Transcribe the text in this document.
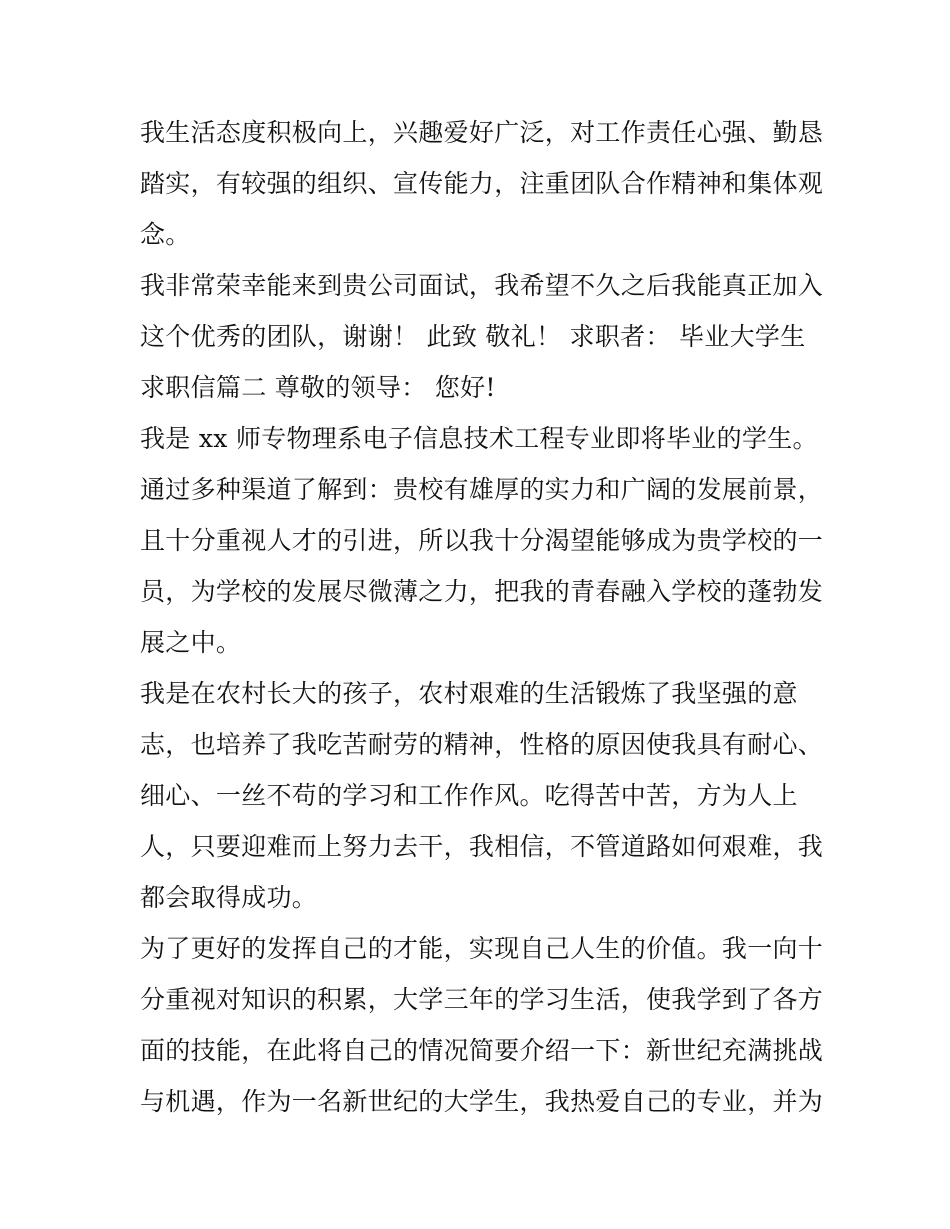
我生活态度积极向上，兴趣爱好广泛，对工作责任心强、勤恳
踏实，有较强的组织、宣传能力，注重团队合作精神和集体观
念。
我非常荣幸能来到贵公司面试，我希望不久之后我能真正加入
这个优秀的团队，谢谢！ 此致 敬礼！ 求职者： 毕业大学生
求职信篇二 尊敬的领导： 您好!
我是 xx 师专物理系电子信息技术工程专业即将毕业的学生。
通过多种渠道了解到：贵校有雄厚的实力和广阔的发展前景，
且十分重视人才的引进，所以我十分渴望能够成为贵学校的一
员，为学校的发展尽微薄之力，把我的青春融入学校的蓬勃发
展之中。
我是在农村长大的孩子，农村艰难的生活锻炼了我坚强的意
志，也培养了我吃苦耐劳的精神，性格的原因使我具有耐心、
细心、一丝不苟的学习和工作作风。吃得苦中苦，方为人上
人，只要迎难而上努力去干，我相信，不管道路如何艰难，我
都会取得成功。
为了更好的发挥自己的才能，实现自己人生的价值。我一向十
分重视对知识的积累，大学三年的学习生活，使我学到了各方
面的技能，在此将自己的情况简要介绍一下：新世纪充满挑战
与机遇，作为一名新世纪的大学生，我热爱自己的专业，并为
